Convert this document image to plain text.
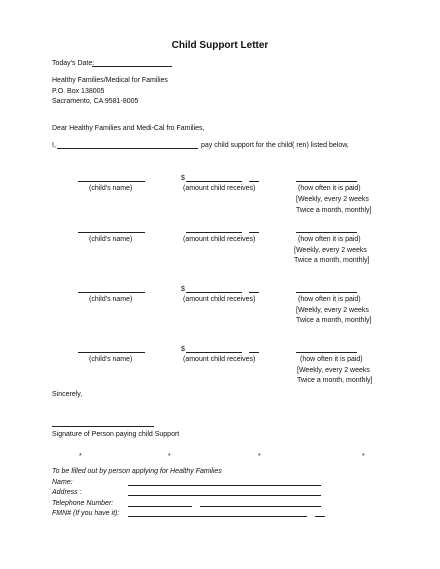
Child Support Letter
Today's Date:
Healthy Families/Medical for Families
P.O. Box 138005
Sacramento, CA 9581-8005
Dear Healthy Families and Medi-Cal fro Families,
I,	pay child support for the child( ren) listed below,
$
(child's name)	(amount child receives)	(how often it is paid)
[Weekly, every 2 weeks
Twice a month, monthly]
(child's name)	(amount child receives)	(how often it is paid)
[Weekly, every 2 weeks
Twice a month, monthly]
$
(child's name)	(amount child receives)	(how often it is paid)
[Weekly, every 2 weeks
Twice a month, monthly]
$
(child's name)	(amount child receives)	(how often it is paid)
[Weekly, every 2 weeks
Twice a month, monthly]
Sincerely,
Signature of Person paying child Support
*	*	*	*
To be filled out by person applying for Healthy Families
Name:
Address :
Telephone Number:
FMN# (If you have it):
